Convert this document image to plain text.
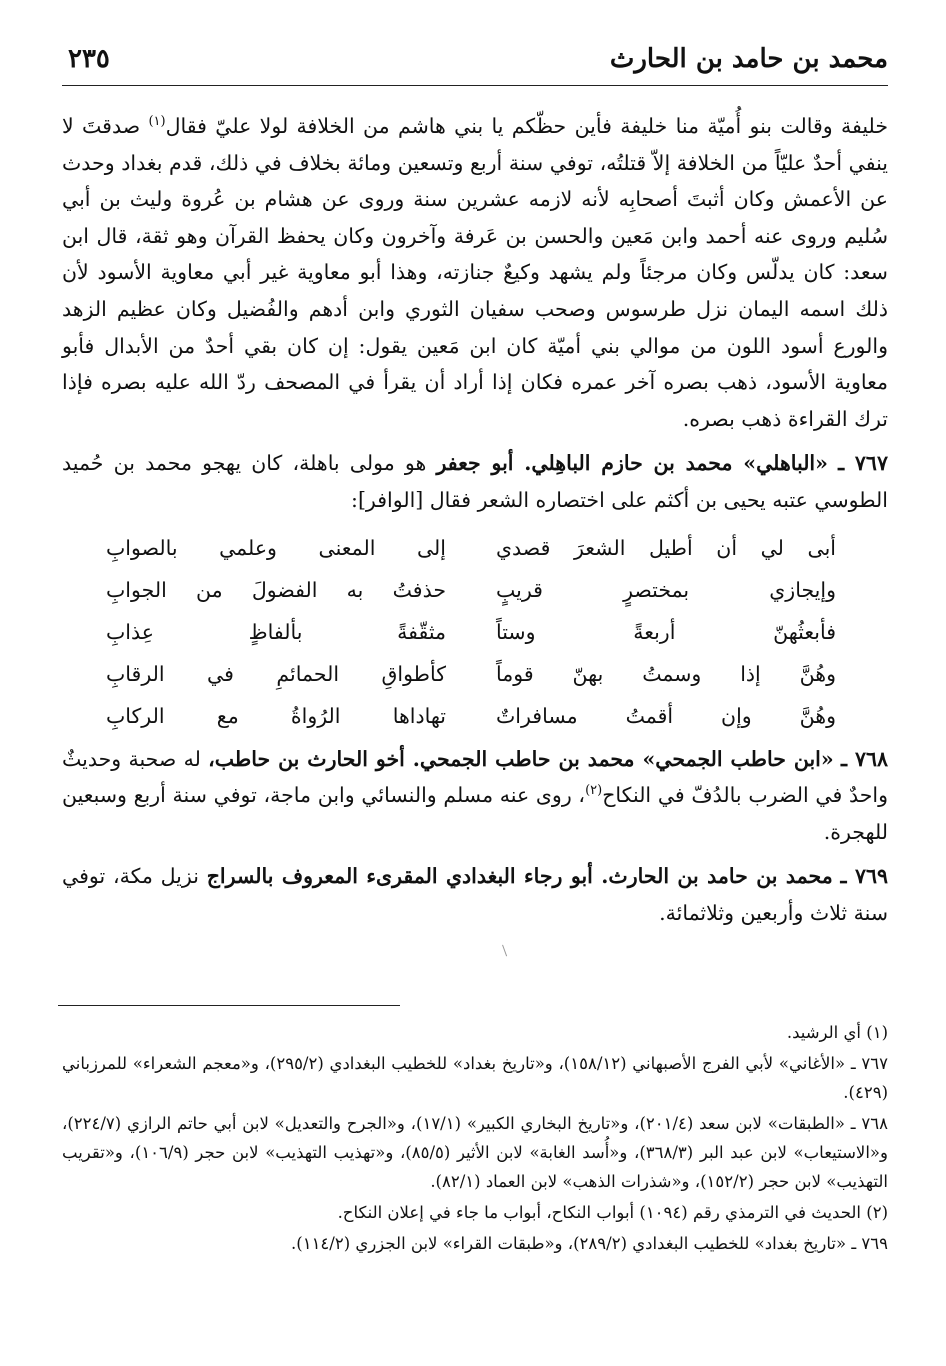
محمد بن حامد بن الحارث
٢٣٥

خليفة وقالت بنو أُميّة منا خليفة فأين حظّكم يا بني هاشم من الخلافة لولا عليّ فقال$^{(١)}$ صدقتَ لا ينفي أحدٌ عليّاً من الخلافة إلاّ قتلتُه، توفي سنة أربع وتسعين ومائة بخلاف في ذلك، قدم بغداد وحدث عن الأعمش وكان أثبتَ أصحابِه لأنه لازمه عشرين سنة وروى عن هشام بن عُروة وليث بن أبي سُليم وروى عنه أحمد وابن مَعين والحسن بن عَرفة وآخرون وكان يحفظ القرآن وهو ثقة، قال ابن سعد: كان يدلّس وكان مرجئاً ولم يشهد وكيعٌ جنازته، وهذا أبو معاوية غير أبي معاوية الأسود لأن ذلك اسمه اليمان نزل طرسوس وصحب سفيان الثوري وابن أدهم والفُضيل وكان عظيم الزهد والورع أسود اللون من موالي بني أميّة كان ابن مَعين يقول: إن كان بقي أحدٌ من الأبدال فأبو معاوية الأسود، ذهب بصره آخر عمره فكان إذا أراد أن يقرأ في المصحف ردّ الله عليه بصره فإذا ترك القراءة ذهب بصره.

٧٦٧ ـ «الباهلي» محمد بن حازم الباهِلي. أبو جعفر هو مولى باهلة، كان يهجو محمد بن حُميد الطوسي عتبه يحيى بن أكثم على اختصاره الشعر فقال [الوافر]:

أبى لي أن أطيل الشعرَ قصدي
إلى المعنى وعلمي بالصوابِ
وإيجازي بمختصرٍ قريبٍ
حذفتُ به الفضولَ من الجوابِ
فأبعثُهنّ أربعةً وستاً
مثقّفةً بألفاظٍ عِذابِ
وهُنَّ إذا وسمتُ بهنّ قوماً
كأطواقِ الحمائمِ في الرقابِ
وهُنَّ وإن أقمتُ مسافراتٌ
تهاداها الرُواةُ مع الركابِ

٧٦٨ ـ «ابن حاطب الجمحي» محمد بن حاطب الجمحي. أخو الحارث بن حاطب، له صحبة وحديثٌ واحدٌ في الضرب بالدُفّ في النكاح$^{(٢)}$، روى عنه مسلم والنسائي وابن ماجة، توفي سنة أربع وسبعين للهجرة.

٧٦٩ ـ محمد بن حامد بن الحارث. أبو رجاء البغدادي المقرىء المعروف بالسراج نزيل مكة، توفي سنة ثلاث وأربعين وثلاثمائة.

(١) أي الرشيد.

٧٦٧ ـ «الأغاني» لأبي الفرج الأصبهاني (١٥٨/١٢)، و«تاريخ بغداد» للخطيب البغدادي (٢٩٥/٢)، و«معجم الشعراء» للمرزباني (٤٢٩).

٧٦٨ ـ «الطبقات» لابن سعد (٢٠١/٤)، و«تاريخ البخاري الكبير» (١٧/١)، و«الجرح والتعديل» لابن أبي حاتم الرازي (٢٢٤/٧)، و«الاستيعاب» لابن عبد البر (٣٦٨/٣)، و«أُسد الغابة» لابن الأثير (٨٥/٥)، و«تهذيب التهذيب» لابن حجر (١٠٦/٩)، و«تقريب التهذيب» لابن حجر (١٥٢/٢)، و«شذرات الذهب» لابن العماد (٨٢/١).

(٢) الحديث في الترمذي رقم (١٠٩٤) أبواب النكاح، أبواب ما جاء في إعلان النكاح.

٧٦٩ ـ «تاريخ بغداد» للخطيب البغدادي (٢٨٩/٢)، و«طبقات القراء» لابن الجزري (١١٤/٢).
